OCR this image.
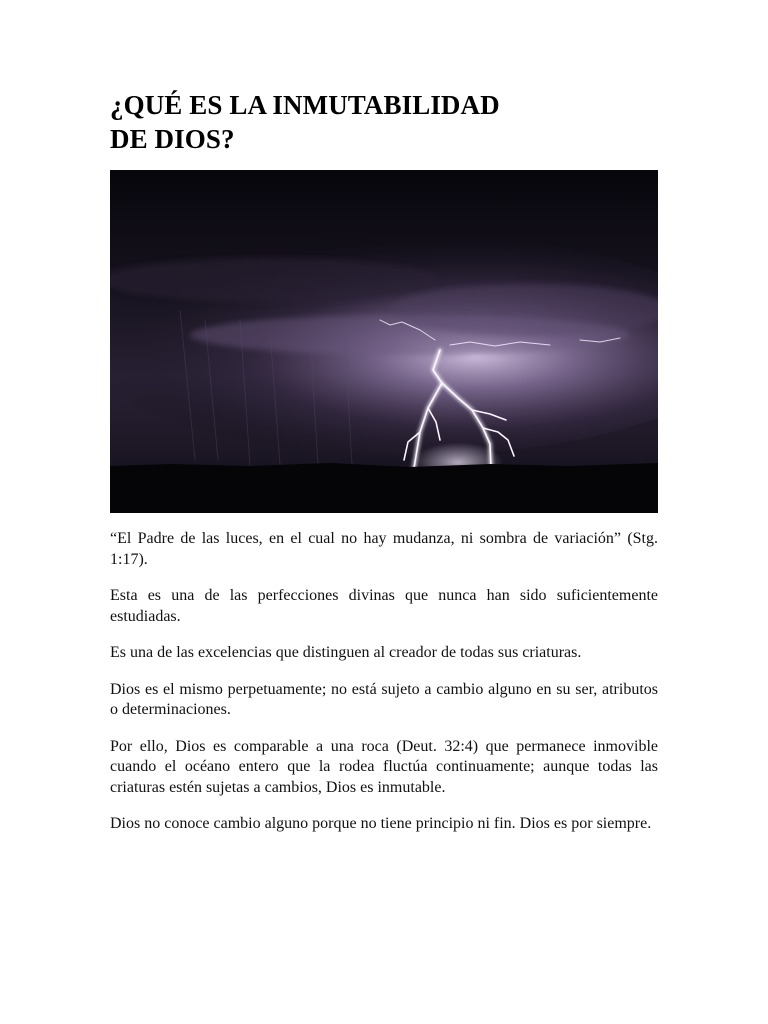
¿QUÉ ES LA INMUTABILIDAD
DE DIOS?

“El Padre de las luces, en el cual no hay mudanza, ni sombra de variación” (Stg. 1:17).

Esta es una de las perfecciones divinas que nunca han sido suficientemente estudiadas.

Es una de las excelencias que distinguen al creador de todas sus criaturas.

Dios es el mismo perpetuamente; no está sujeto a cambio alguno en su ser, atributos o determinaciones.

Por ello, Dios es comparable a una roca (Deut. 32:4) que permanece inmovible cuando el océano entero que la rodea fluctúa continuamente; aunque todas las criaturas estén sujetas a cambios, Dios es inmutable.

Dios no conoce cambio alguno porque no tiene principio ni fin. Dios es por siempre.
